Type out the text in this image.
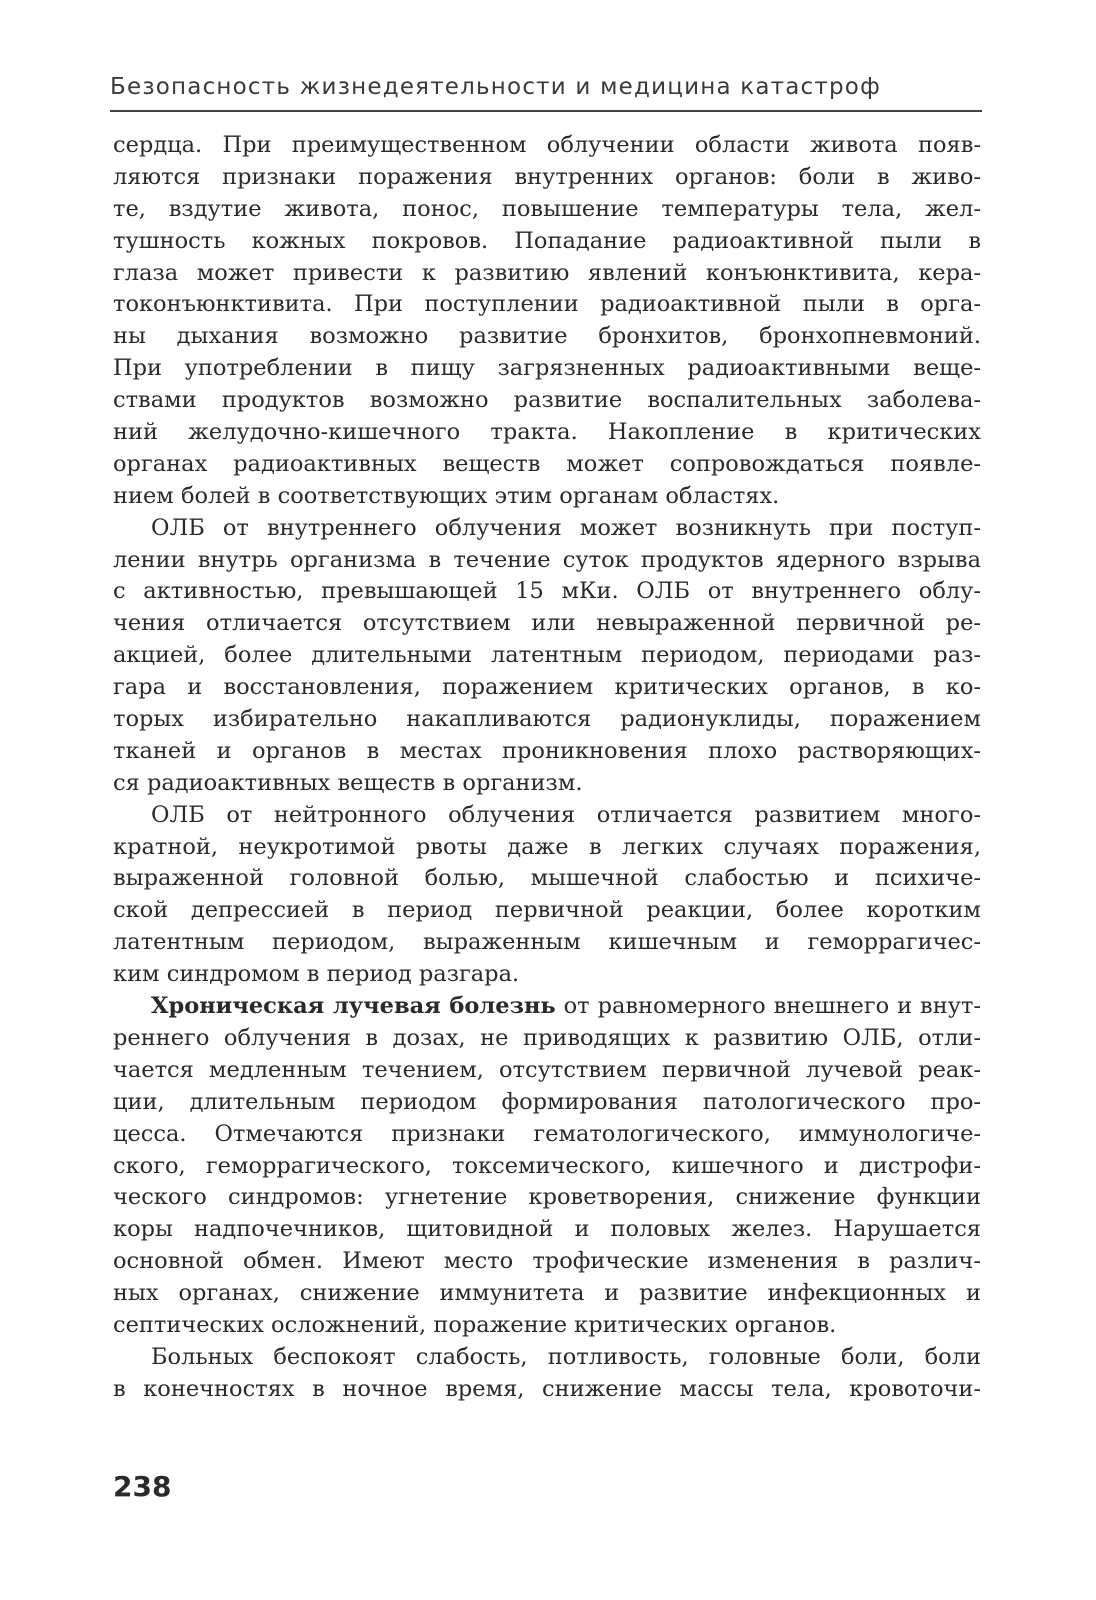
Безопасность жизнедеятельности и медицина катастроф
сердца. При преимущественном облучении области живота появ-
ляются признаки поражения внутренних органов: боли в живо-
те, вздутие живота, понос, повышение температуры тела, жел-
тушность кожных покровов. Попадание радиоактивной пыли в
глаза может привести к развитию явлений конъюнктивита, кера-
токонъюнктивита. При поступлении радиоактивной пыли в орга-
ны дыхания возможно развитие бронхитов, бронхопневмоний.
При употреблении в пищу загрязненных радиоактивными веще-
ствами продуктов возможно развитие воспалительных заболева-
ний желудочно-кишечного тракта. Накопление в критических
органах радиоактивных веществ может сопровождаться появле-
нием болей в соответствующих этим органам областях.
ОЛБ от внутреннего облучения может возникнуть при поступ-
лении внутрь организма в течение суток продуктов ядерного взрыва
с активностью, превышающей 15 мКи. ОЛБ от внутреннего облу-
чения отличается отсутствием или невыраженной первичной ре-
акцией, более длительными латентным периодом, периодами раз-
гара и восстановления, поражением критических органов, в ко-
торых избирательно накапливаются радионуклиды, поражением
тканей и органов в местах проникновения плохо растворяющих-
ся радиоактивных веществ в организм.
ОЛБ от нейтронного облучения отличается развитием много-
кратной, неукротимой рвоты даже в легких случаях поражения,
выраженной головной болью, мышечной слабостью и психиче-
ской депрессией в период первичной реакции, более коротким
латентным периодом, выраженным кишечным и геморрагичес-
ким синдромом в период разгара.
Хроническая лучевая болезнь от равномерного внешнего и внут-
реннего облучения в дозах, не приводящих к развитию ОЛБ, отли-
чается медленным течением, отсутствием первичной лучевой реак-
ции, длительным периодом формирования патологического про-
цесса. Отмечаются признаки гематологического, иммунологиче-
ского, геморрагического, токсемического, кишечного и дистрофи-
ческого синдромов: угнетение кроветворения, снижение функции
коры надпочечников, щитовидной и половых желез. Нарушается
основной обмен. Имеют место трофические изменения в различ-
ных органах, снижение иммунитета и развитие инфекционных и
септических осложнений, поражение критических органов.
Больных беспокоят слабость, потливость, головные боли, боли
в конечностях в ночное время, снижение массы тела, кровоточи-
238
